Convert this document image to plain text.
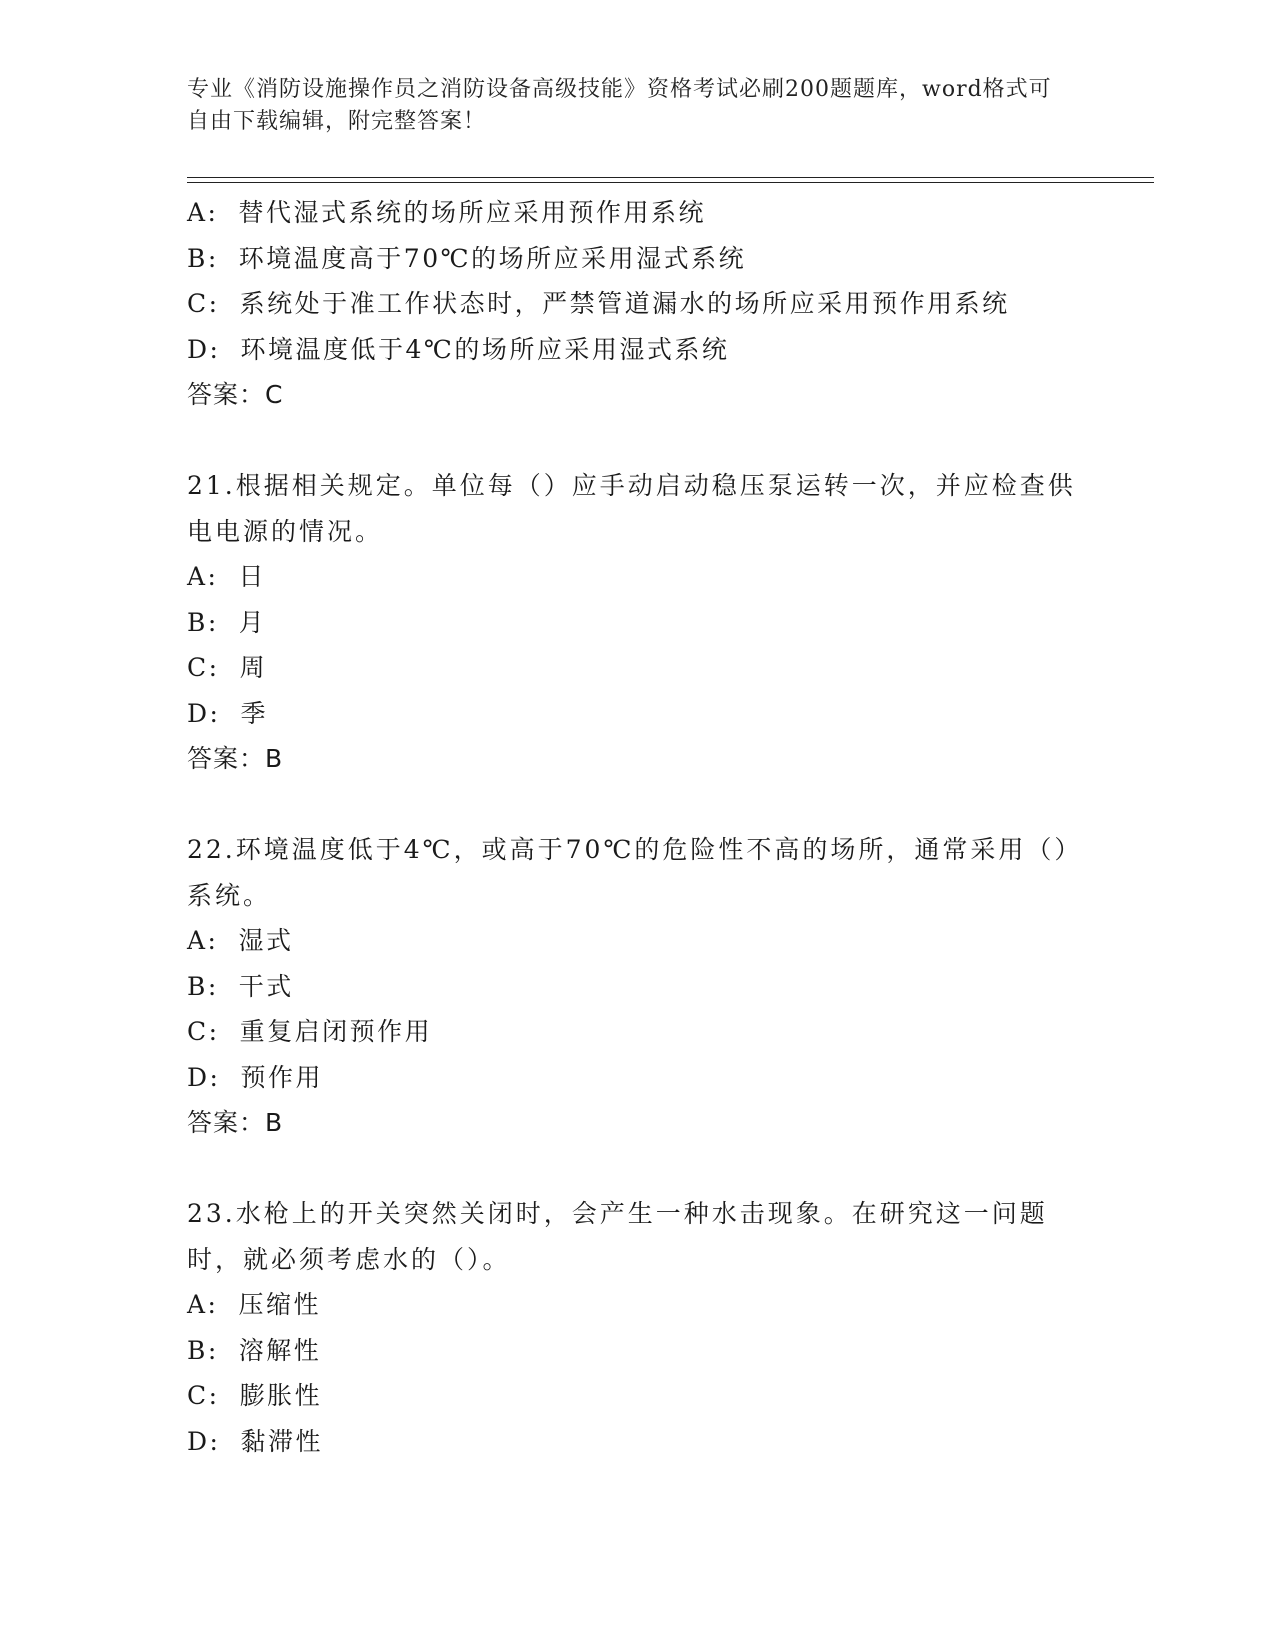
专业《消防设施操作员之消防设备高级技能》资格考试必刷200题题库，word格式可自由下载编辑，附完整答案！
A: 替代湿式系统的场所应采用预作用系统
B: 环境温度高于70℃的场所应采用湿式系统
C: 系统处于准工作状态时，严禁管道漏水的场所应采用预作用系统
D: 环境温度低于4℃的场所应采用湿式系统
答案：C
21.根据相关规定。单位每（）应手动启动稳压泵运转一次，并应检查供电电源的情况。
A: 日
B: 月
C: 周
D: 季
答案：B
22.环境温度低于4℃，或高于70℃的危险性不高的场所，通常采用（）系统。
A: 湿式
B: 干式
C: 重复启闭预作用
D: 预作用
答案：B
23.水枪上的开关突然关闭时，会产生一种水击现象。在研究这一问题时，就必须考虑水的（）。
A: 压缩性
B: 溶解性
C: 膨胀性
D: 黏滞性
